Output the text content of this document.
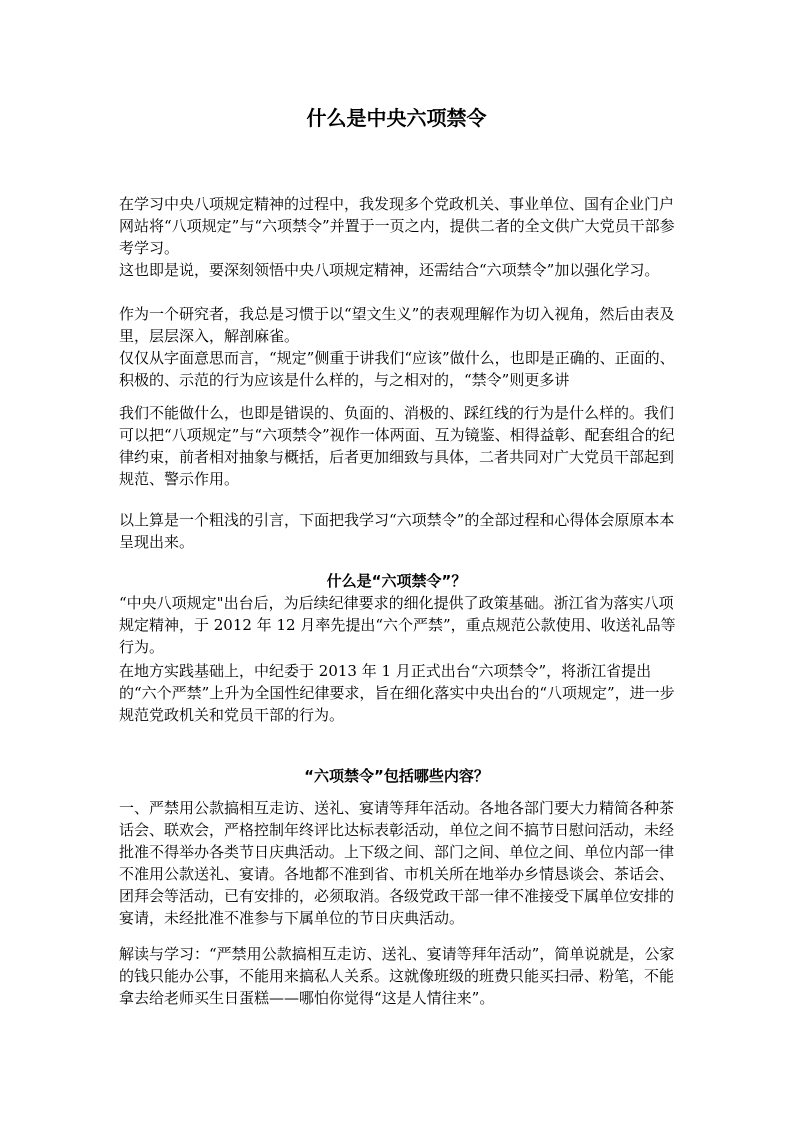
什么是中央六项禁令

在学习中央八项规定精神的过程中，我发现多个党政机关、事业单位、国有企业门户网站将“八项规定”与“六项禁令”并置于一页之内，提供二者的全文供广大党员干部参考学习。

这也即是说，要深刻领悟中央八项规定精神，还需结合“六项禁令”加以强化学习。

作为一个研究者，我总是习惯于以“望文生义”的表观理解作为切入视角，然后由表及里，层层深入，解剖麻雀。

仅仅从字面意思而言，“规定”侧重于讲我们“应该”做什么，也即是正确的、正面的、积极的、示范的行为应该是什么样的，与之相对的，“禁令”则更多讲

我们不能做什么，也即是错误的、负面的、消极的、踩红线的行为是什么样的。我们可以把“八项规定”与“六项禁令”视作一体两面、互为镜鉴、相得益彰、配套组合的纪律约束，前者相对抽象与概括，后者更加细致与具体，二者共同对广大党员干部起到规范、警示作用。

以上算是一个粗浅的引言，下面把我学习“六项禁令”的全部过程和心得体会原原本本呈现出来。

什么是“六项禁令”？

“中央八项规定"出台后，为后续纪律要求的细化提供了政策基础。浙江省为落实八项规定精神，于 2012 年 12 月率先提出“六个严禁”，重点规范公款使用、收送礼品等行为。

在地方实践基础上，中纪委于 2013 年 1 月正式出台“六项禁令”，将浙江省提出的“六个严禁”上升为全国性纪律要求，旨在细化落实中央出台的“八项规定”，进一步规范党政机关和党员干部的行为。

“六项禁令”包括哪些内容？

一、严禁用公款搞相互走访、送礼、宴请等拜年活动。各地各部门要大力精简各种茶话会、联欢会，严格控制年终评比达标表彰活动，单位之间不搞节日慰问活动，未经批准不得举办各类节日庆典活动。上下级之间、部门之间、单位之间、单位内部一律不准用公款送礼、宴请。各地都不准到省、市机关所在地举办乡情恳谈会、茶话会、团拜会等活动，已有安排的，必须取消。各级党政干部一律不准接受下属单位安排的宴请，未经批准不准参与下属单位的节日庆典活动。

解读与学习：“严禁用公款搞相互走访、送礼、宴请等拜年活动”，简单说就是，公家的钱只能办公事，不能用来搞私人关系。这就像班级的班费只能买扫帚、粉笔，不能拿去给老师买生日蛋糕——哪怕你觉得“这是人情往来”。
